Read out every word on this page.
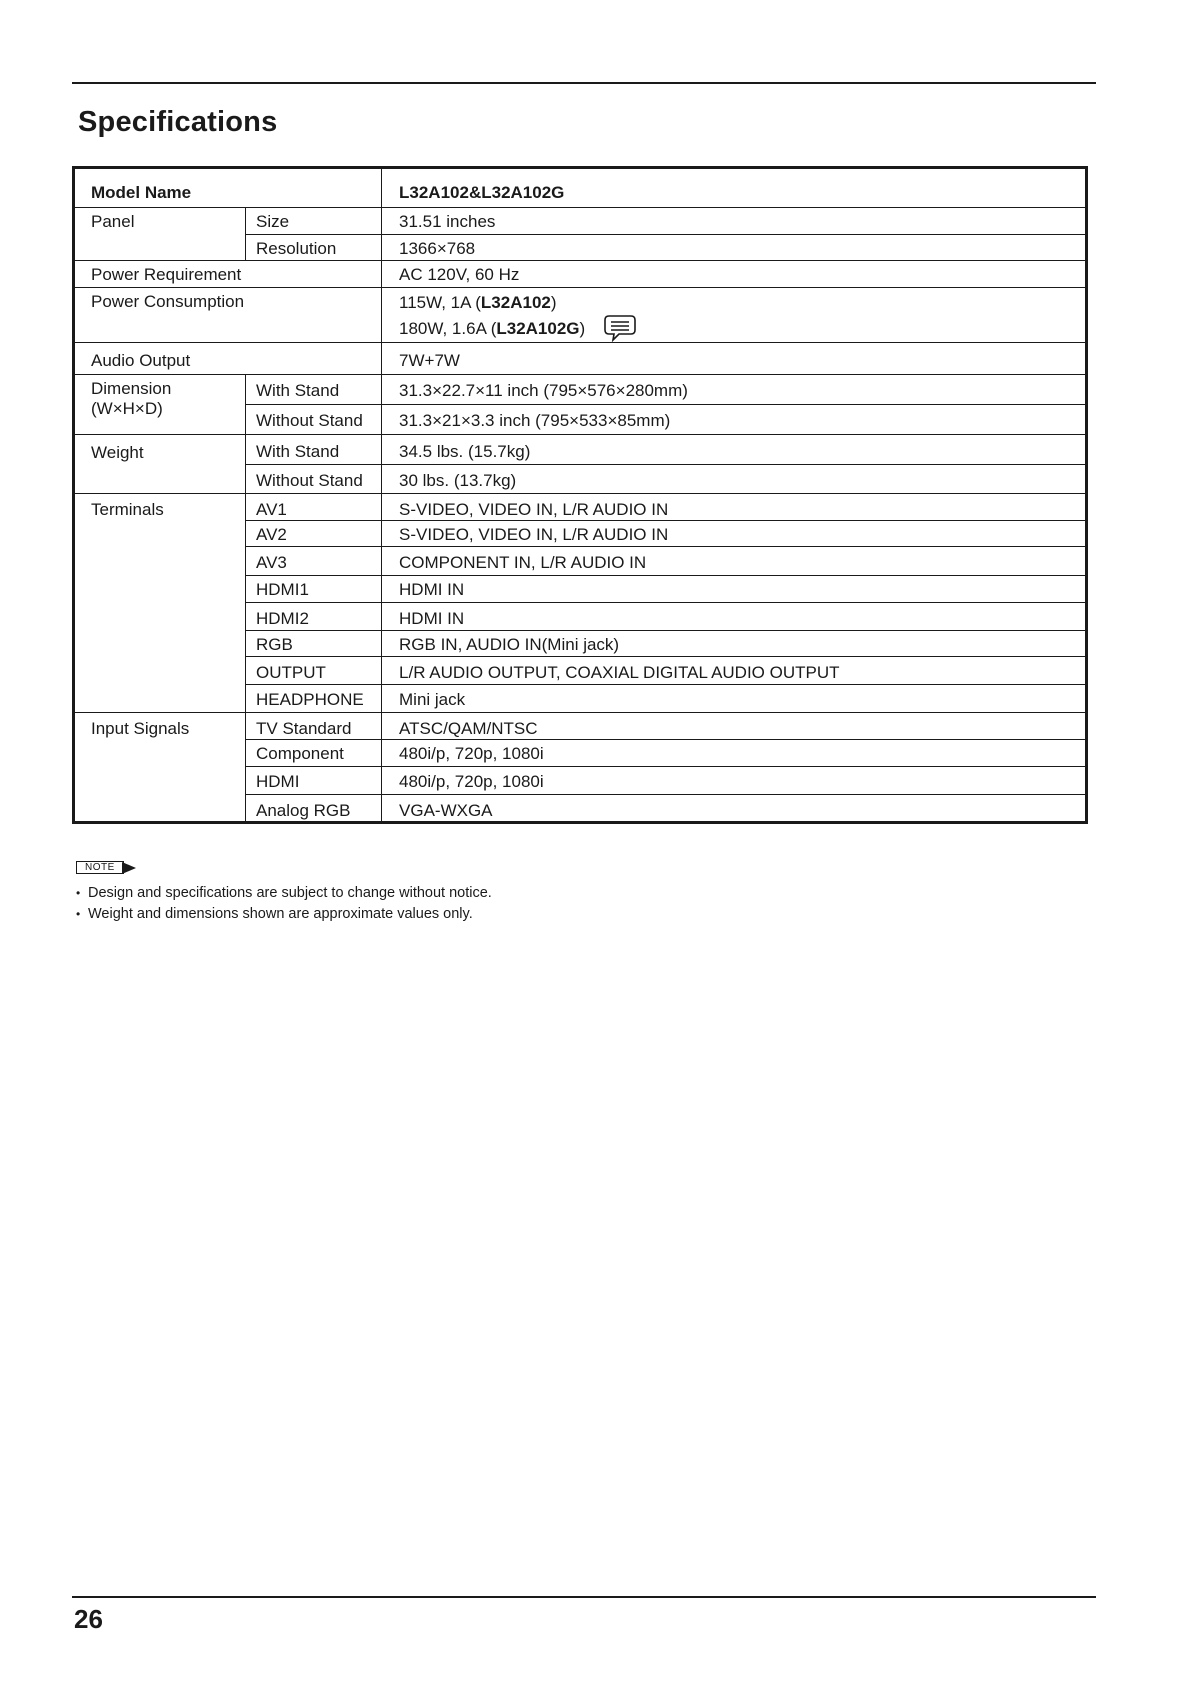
Specifications
Model Name		L32A102&L32A102G
Panel	Size	31.51 inches
	Resolution	1366×768
Power Requirement		AC 120V, 60 Hz
Power Consumption		115W, 1A (L32A102)
180W, 1.6A (L32A102G)

Audio Output		7W+7W

Dimension
(W×H×D)	With Stand	31.3×22.7×11 inch (795×576×280mm)
	Without Stand	31.3×21×3.3 inch (795×533×85mm)
Weight	With Stand	34.5 lbs. (15.7kg)
	Without Stand	30 lbs. (13.7kg)
Terminals	AV1	S-VIDEO, VIDEO IN, L/R AUDIO IN
	AV2	S-VIDEO, VIDEO IN, L/R AUDIO IN
	AV3	COMPONENT IN, L/R AUDIO IN
	HDMI1	HDMI IN
	HDMI2	HDMI IN
	RGB	RGB IN, AUDIO IN(Mini jack)
	OUTPUT	L/R AUDIO OUTPUT, COAXIAL DIGITAL AUDIO OUTPUT
	HEADPHONE	Mini jack
Input Signals	TV Standard	ATSC/QAM/NTSC
	Component	480i/p, 720p, 1080i
	HDMI	480i/p, 720p, 1080i
	Analog RGB	VGA-WXGA
NOTE
• Design and specifications are subject to change without notice.
• Weight and dimensions shown are approximate values only.

26
